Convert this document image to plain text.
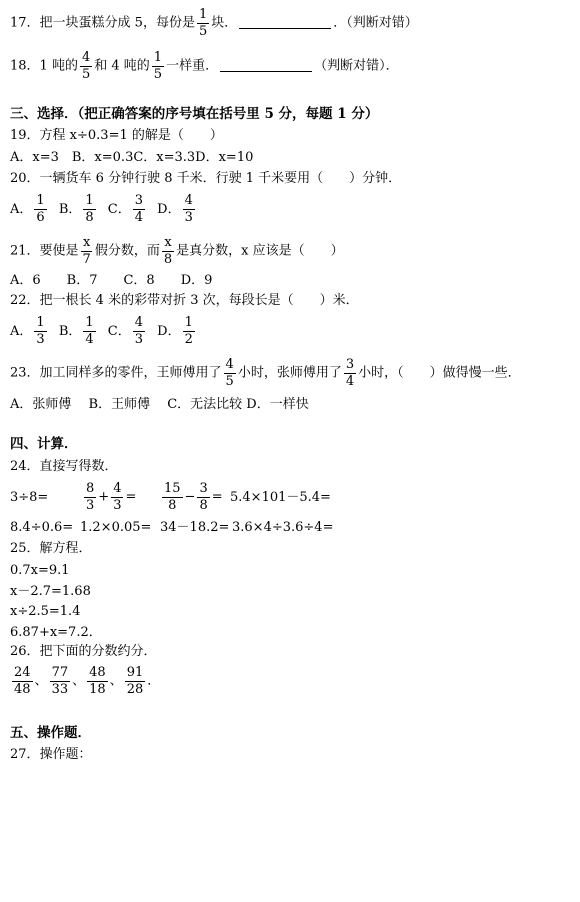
17．把一块蛋糕分成 5，每份是 $\frac{1}{5}$ 块．	．（判断对错）
18．1 吨的 $\frac{4}{5}$ 和 4 吨的 $\frac{1}{5}$ 一样重．	（判断对错）．
三、选择．（把正确答案的序号填在括号里 5 分，每题 1 分）
19．方程 x÷0.3=1 的解是（　　）
A．x=3　B．x=0.3C．x=3.3D．x=10
20．一辆货车 6 分钟行驶 8 千米．行驶 1 千米要用（　　）分钟．
A． $\frac{1}{6}$ B． $\frac{1}{8}$ C． $\frac{3}{4}$ D． $\frac{4}{3}$
21．要使是 $\frac{x}{7}$ 假分数，而 $\frac{x}{8}$ 是真分数，x 应该是（　　）
A．6　　B．7　　C．8　　D．9
22．把一根长 4 米的彩带对折 3 次，每段长是（　　）米．
A． $\frac{1}{3}$ B． $\frac{1}{4}$ C． $\frac{4}{3}$ D． $\frac{1}{2}$
23．加工同样多的零件，王师傅用了 $\frac{4}{5}$ 小时，张师傅用了 $\frac{3}{4}$ 小时，（　　）做得慢一些．
A．张师傅　 B．王师傅　 C．无法比较 D．一样快
四、计算．
24．直接写得数．
3÷8=	$\frac{8}{3} + \frac{4}{3} = \frac{15}{8} - \frac{3}{8} = 5.4\times 101-5.4=$
8.4÷0.6= 1.2×0.05= 34－18.2= 3.6×4÷3.6÷4=
25．解方程．
0.7x=9.1
x－2.7=1.68
x÷2.5=1.4
6.87+x=7.2．
26．把下面的分数约分．
$\frac{24}{48}$ 、 $\frac{77}{33}$ 、 $\frac{48}{18}$ 、 $\frac{91}{28}$ ．
五、操作题．
27．操作题：
